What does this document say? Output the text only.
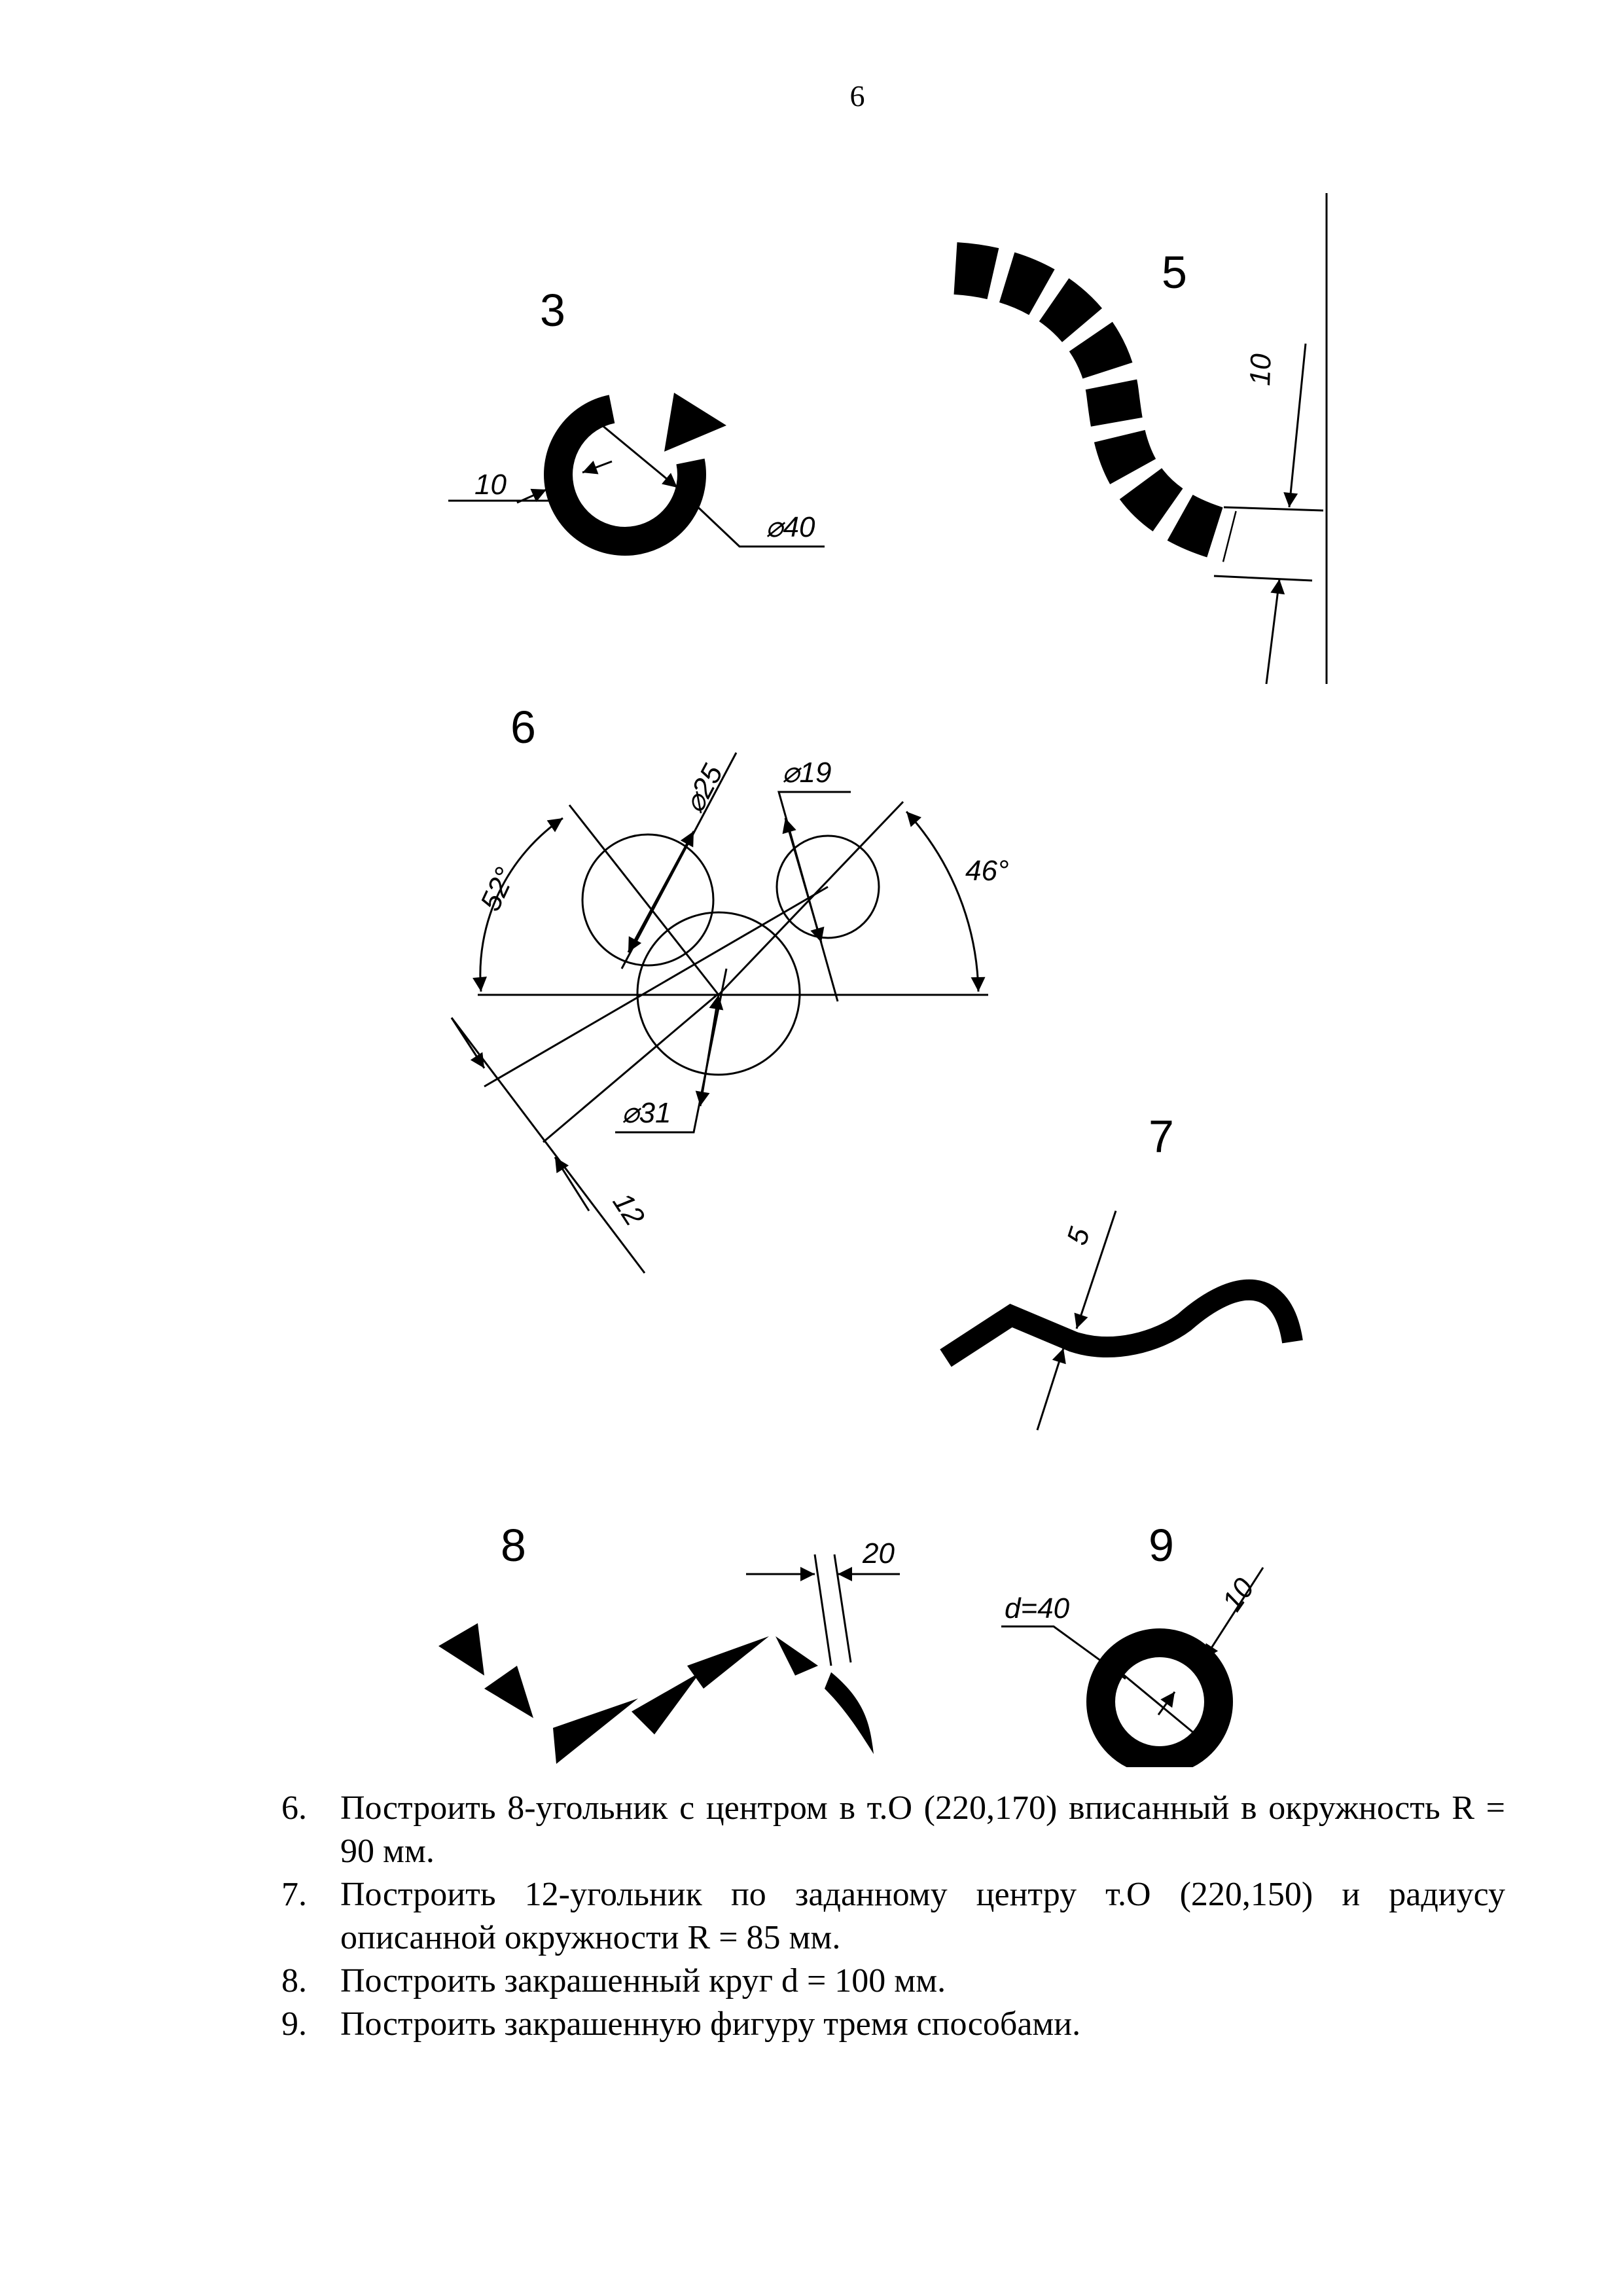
6
3
⌀40
10
5
10
6
⌀25 ⌀19
⌀31
52°	46°
12
7
5
8	20	9
d=40	10
6. Построить 8-угольник с центром в т.О (220,170) вписанный в окружность R = 90 мм.
7. Построить 12-угольник по заданному центру т.О (220,150) и радиусу описанной окружности R = 85 мм.
8. Построить закрашенный круг d = 100 мм.
9. Построить закрашенную фигуру тремя способами.
